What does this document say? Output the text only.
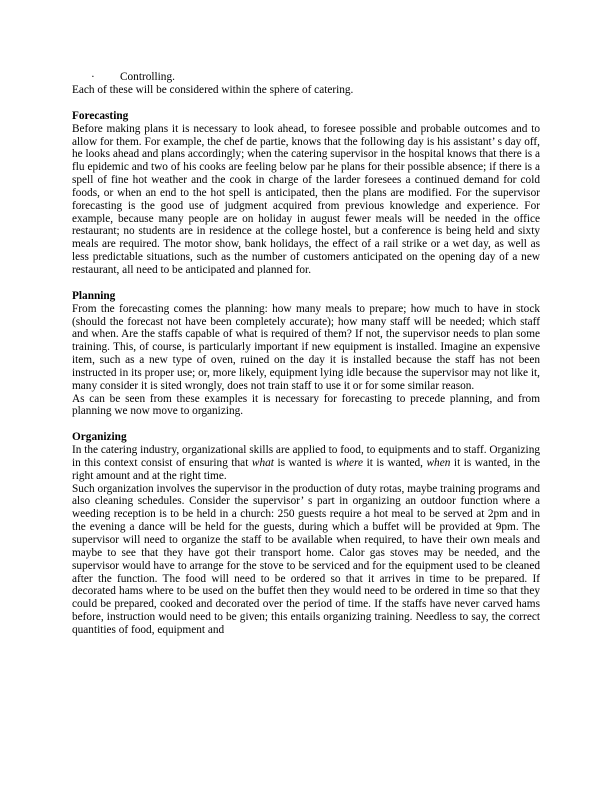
· Controlling.

Each of these will be considered within the sphere of catering.

Forecasting

Before making plans it is necessary to look ahead, to foresee possible and probable outcomes and to allow for them. For example, the chef de partie, knows that the following day is his assistant’ s day off, he looks ahead and plans accordingly; when the catering supervisor in the hospital knows that there is a flu epidemic and two of his cooks are feeling below par he plans for their possible absence; if there is a spell of fine hot weather and the cook in charge of the larder foresees a continued demand for cold foods, or when an end to the hot spell is anticipated, then the plans are modified. For the supervisor forecasting is the good use of judgment acquired from previous knowledge and experience. For example, because many people are on holiday in august fewer meals will be needed in the office restaurant; no students are in residence at the college hostel, but a conference is being held and sixty meals are required. The motor show, bank holidays, the effect of a rail strike or a wet day, as well as less predictable situations, such as the number of customers anticipated on the opening day of a new restaurant, all need to be anticipated and planned for.

Planning

From the forecasting comes the planning: how many meals to prepare; how much to have in stock (should the forecast not have been completely accurate); how many staff will be needed; which staff and when. Are the staffs capable of what is required of them? If not, the supervisor needs to plan some training. This, of course, is particularly important if new equipment is installed. Imagine an expensive item, such as a new type of oven, ruined on the day it is installed because the staff has not been instructed in its proper use; or, more likely, equipment lying idle because the supervisor may not like it, many consider it is sited wrongly, does not train staff to use it or for some similar reason.

As can be seen from these examples it is necessary for forecasting to precede planning, and from planning we now move to organizing.

Organizing

In the catering industry, organizational skills are applied to food, to equipments and to staff. Organizing in this context consist of ensuring that what is wanted is where it is wanted, when it is wanted, in the right amount and at the right time.

Such organization involves the supervisor in the production of duty rotas, maybe training programs and also cleaning schedules. Consider the supervisor’ s part in organizing an outdoor function where a weeding reception is to be held in a church: 250 guests require a hot meal to be served at 2pm and in the evening a dance will be held for the guests, during which a buffet will be provided at 9pm. The supervisor will need to organize the staff to be available when required, to have their own meals and maybe to see that they have got their transport home. Calor gas stoves may be needed, and the supervisor would have to arrange for the stove to be serviced and for the equipment used to be cleaned after the function. The food will need to be ordered so that it arrives in time to be prepared. If decorated hams where to be used on the buffet then they would need to be ordered in time so that they could be prepared, cooked and decorated over the period of time. If the staffs have never carved hams before, instruction would need to be given; this entails organizing training. Needless to say, the correct quantities of food, equipment and
